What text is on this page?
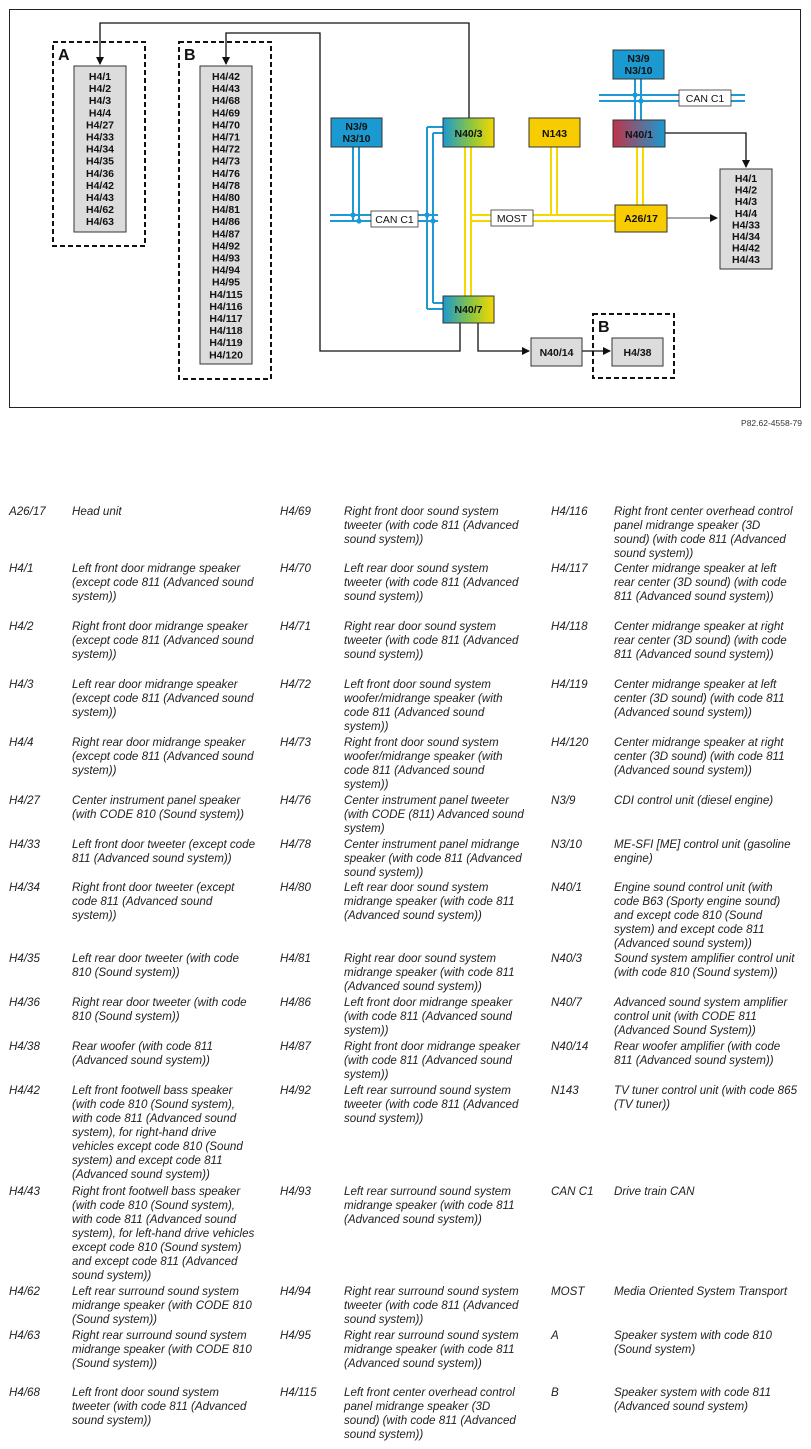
A
H4/1
H4/2
H4/3
H4/4
H4/27
H4/33
H4/34
H4/35
H4/36
H4/42
H4/43
H4/62
H4/63
B
H4/42
H4/43
H4/68
H4/69
H4/70
H4/71
H4/72
H4/73
H4/76
H4/78
H4/80
H4/81
H4/86
H4/87
H4/92
H4/93
H4/94
H4/95
H4/115
H4/116
H4/117
H4/118
H4/119
H4/120
MOST
CAN C1
CAN C1
N3/9
N3/10
N3/9
N3/10
N40/3	N143	N40/1
A26/17
N40/7
N40/14
B
H4/38
H4/1
H4/2
H4/3
H4/4
H4/33
H4/34
H4/42
H4/43
P82.62-4558-79
A26/17 Head unit
H4/1	Left front door midrange speaker (except code 811 (Advanced sound system))
H4/2	Right front door midrange speaker (except code 811 (Advanced sound system))
H4/3	Left rear door midrange speaker (except code 811 (Advanced sound system))
H4/4	Right rear door midrange speaker (except code 811 (Advanced sound system))
H4/27	Center instrument panel speaker (with CODE 810 (Sound system))
H4/33	Left front door tweeter (except code 811 (Advanced sound system))
H4/34	Right front door tweeter (except code 811 (Advanced sound system))
H4/35	Left rear door tweeter (with code 810 (Sound system))
H4/36	Right rear door tweeter (with code 810 (Sound system))
H4/38	Rear woofer (with code 811 (Advanced sound system))
H4/42	Left front footwell bass speaker (with code 810 (Sound system), with code 811 (Advanced sound system), for right-hand drive vehicles except code 810 (Sound system) and except code 811 (Advanced sound system))
H4/43	Right front footwell bass speaker (with code 810 (Sound system), with code 811 (Advanced sound system), for left-hand drive vehicles except code 810 (Sound system) and except code 811 (Advanced sound system))
H4/62	Left rear surround sound system midrange speaker (with CODE 810 (Sound system))
H4/63	Right rear surround sound system midrange speaker (with CODE 810 (Sound system))
H4/68	Left front door sound system tweeter (with code 811 (Advanced sound system))
H4/69	Right front door sound system tweeter (with code 811 (Advanced sound system))
H4/70	Left rear door sound system tweeter (with code 811 (Advanced sound system))
H4/71	Right rear door sound system tweeter (with code 811 (Advanced sound system))
H4/72	Left front door sound system woofer/midrange speaker (with code 811 (Advanced sound system))
H4/73	Right front door sound system woofer/midrange speaker (with code 811 (Advanced sound system))
H4/76	Center instrument panel tweeter (with CODE (811) Advanced sound system)
H4/78	Center instrument panel midrange speaker (with code 811 (Advanced sound system))
H4/80	Left rear door sound system midrange speaker (with code 811 (Advanced sound system))
H4/81	Right rear door sound system midrange speaker (with code 811 (Advanced sound system))
H4/86	Left front door midrange speaker (with code 811 (Advanced sound system))
H4/87	Right front door midrange speaker (with code 811 (Advanced sound system))
H4/92	Left rear surround sound system tweeter (with code 811 (Advanced sound system))
H4/93	Left rear surround sound system midrange speaker (with code 811 (Advanced sound system))
H4/94	Right rear surround sound system tweeter (with code 811 (Advanced sound system))
H4/95	Right rear surround sound system midrange speaker (with code 811 (Advanced sound system))
H4/115 Left front center overhead control panel midrange speaker (3D sound) (with code 811 (Advanced sound system))
H4/116 Right front center overhead control panel midrange speaker (3D sound) (with code 811 (Advanced sound system))
H4/117 Center midrange speaker at left rear center (3D sound) (with code 811 (Advanced sound system))
H4/118 Center midrange speaker at right rear center (3D sound) (with code 811 (Advanced sound system))
H4/119 Center midrange speaker at left center (3D sound) (with code 811 (Advanced sound system))
H4/120 Center midrange speaker at right center (3D sound) (with code 811 (Advanced sound system))
N3/9	CDI control unit (diesel engine)
N3/10	ME-SFI [ME] control unit (gasoline engine)
N40/1	Engine sound control unit (with code B63 (Sporty engine sound) and except code 810 (Sound system) and except code 811 (Advanced sound system))
N40/3	Sound system amplifier control unit (with code 810 (Sound system))
N40/7	Advanced sound system amplifier control unit (with CODE 811 (Advanced Sound System))
N40/14 Rear woofer amplifier (with code 811 (Advanced sound system))
N143	TV tuner control unit (with code 865 (TV tuner))
CAN C1 Drive train CAN
MOST	Media Oriented System Transport
A	Speaker system with code 810 (Sound system)
B	Speaker system with code 811 (Advanced sound system)
